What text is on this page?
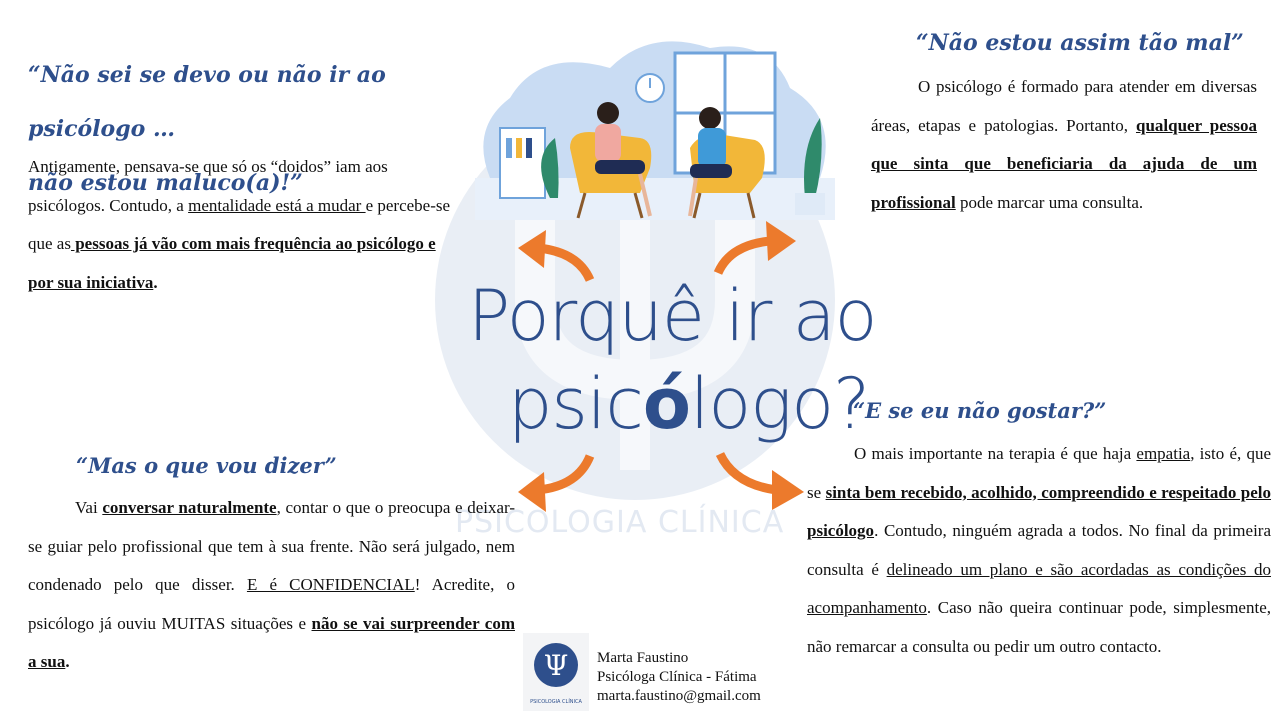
PSICOLOGIA CLÍNICA
Porquê ir ao
psicólogo?
“Não sei se devo ou não ir ao psicólogo …
não estou maluco(a)!”
Antigamente, pensava-se que só os “doidos” iam aos psicólogos. Contudo, a mentalidade está a mudar e percebe-se que as pessoas já vão com mais frequência ao psicólogo e por sua iniciativa.
“Não estou assim tão mal”
O psicólogo é formado para atender em diversas áreas, etapas e patologias. Portanto, qualquer pessoa que sinta que beneficiaria da ajuda de um profissional pode marcar uma consulta.
“Mas o que vou dizer”
Vai conversar naturalmente, contar o que o preocupa e deixar-se guiar pelo profissional que tem à sua frente. Não será julgado, nem condenado pelo que disser. E é CONFIDENCIAL! Acredite, o psicólogo já ouviu MUITAS situações e não se vai surpreender com a sua.
“E se eu não gostar?”
O mais importante na terapia é que haja empatia, isto é, que se sinta bem recebido, acolhido, compreendido e respeitado pelo psicólogo. Contudo, ninguém agrada a todos. No final da primeira consulta é delineado um plano e são acordadas as condições do acompanhamento. Caso não queira continuar pode, simplesmente, não remarcar a consulta ou pedir um outro contacto.
Ψ
PSICOLOGIA CLÍNICA
Marta Faustino
Psicóloga Clínica - Fátima
marta.faustino@gmail.com
